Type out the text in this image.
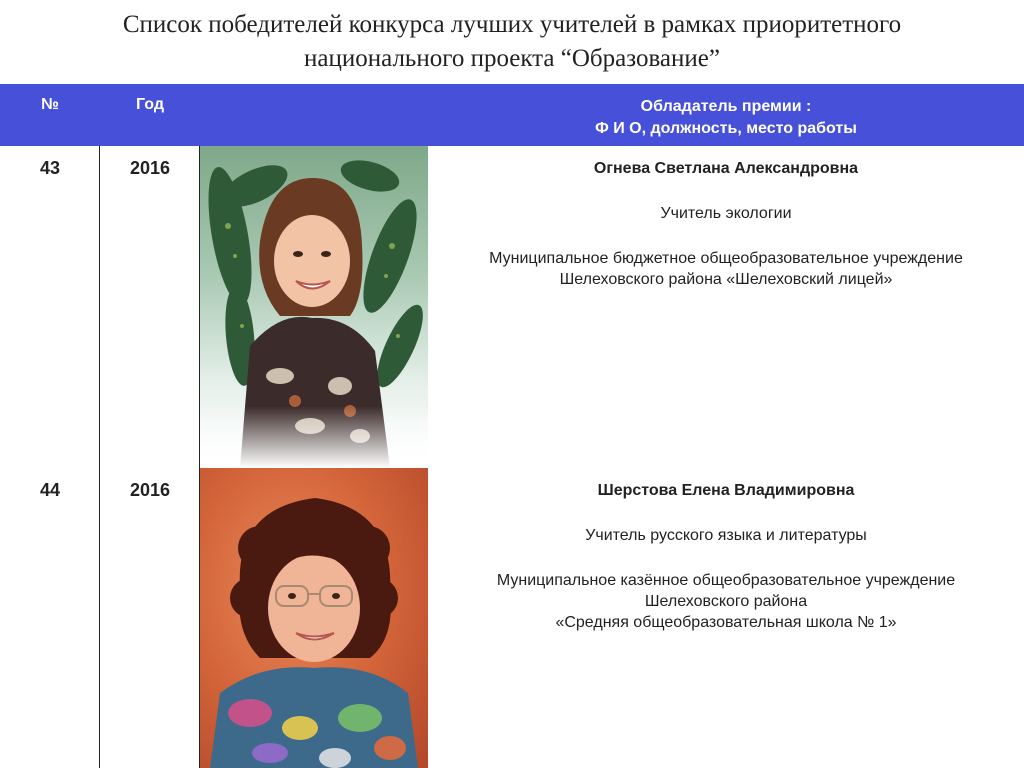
Список победителей конкурса лучших учителей в рамках приоритетного
национального проекта “Образование”
№	Год	Обладатель премии :
Ф И О, должность, место работы
43	2016	Огнева Светлана Александровна
Учитель экологии
Муниципальное бюджетное общеобразовательное учреждение
Шелеховского района «Шелеховский лицей»
44	2016	Шерстова Елена Владимировна
Учитель русского языка и литературы
Муниципальное казённое общеобразовательное учреждение
Шелеховского района
«Средняя общеобразовательная школа № 1»
